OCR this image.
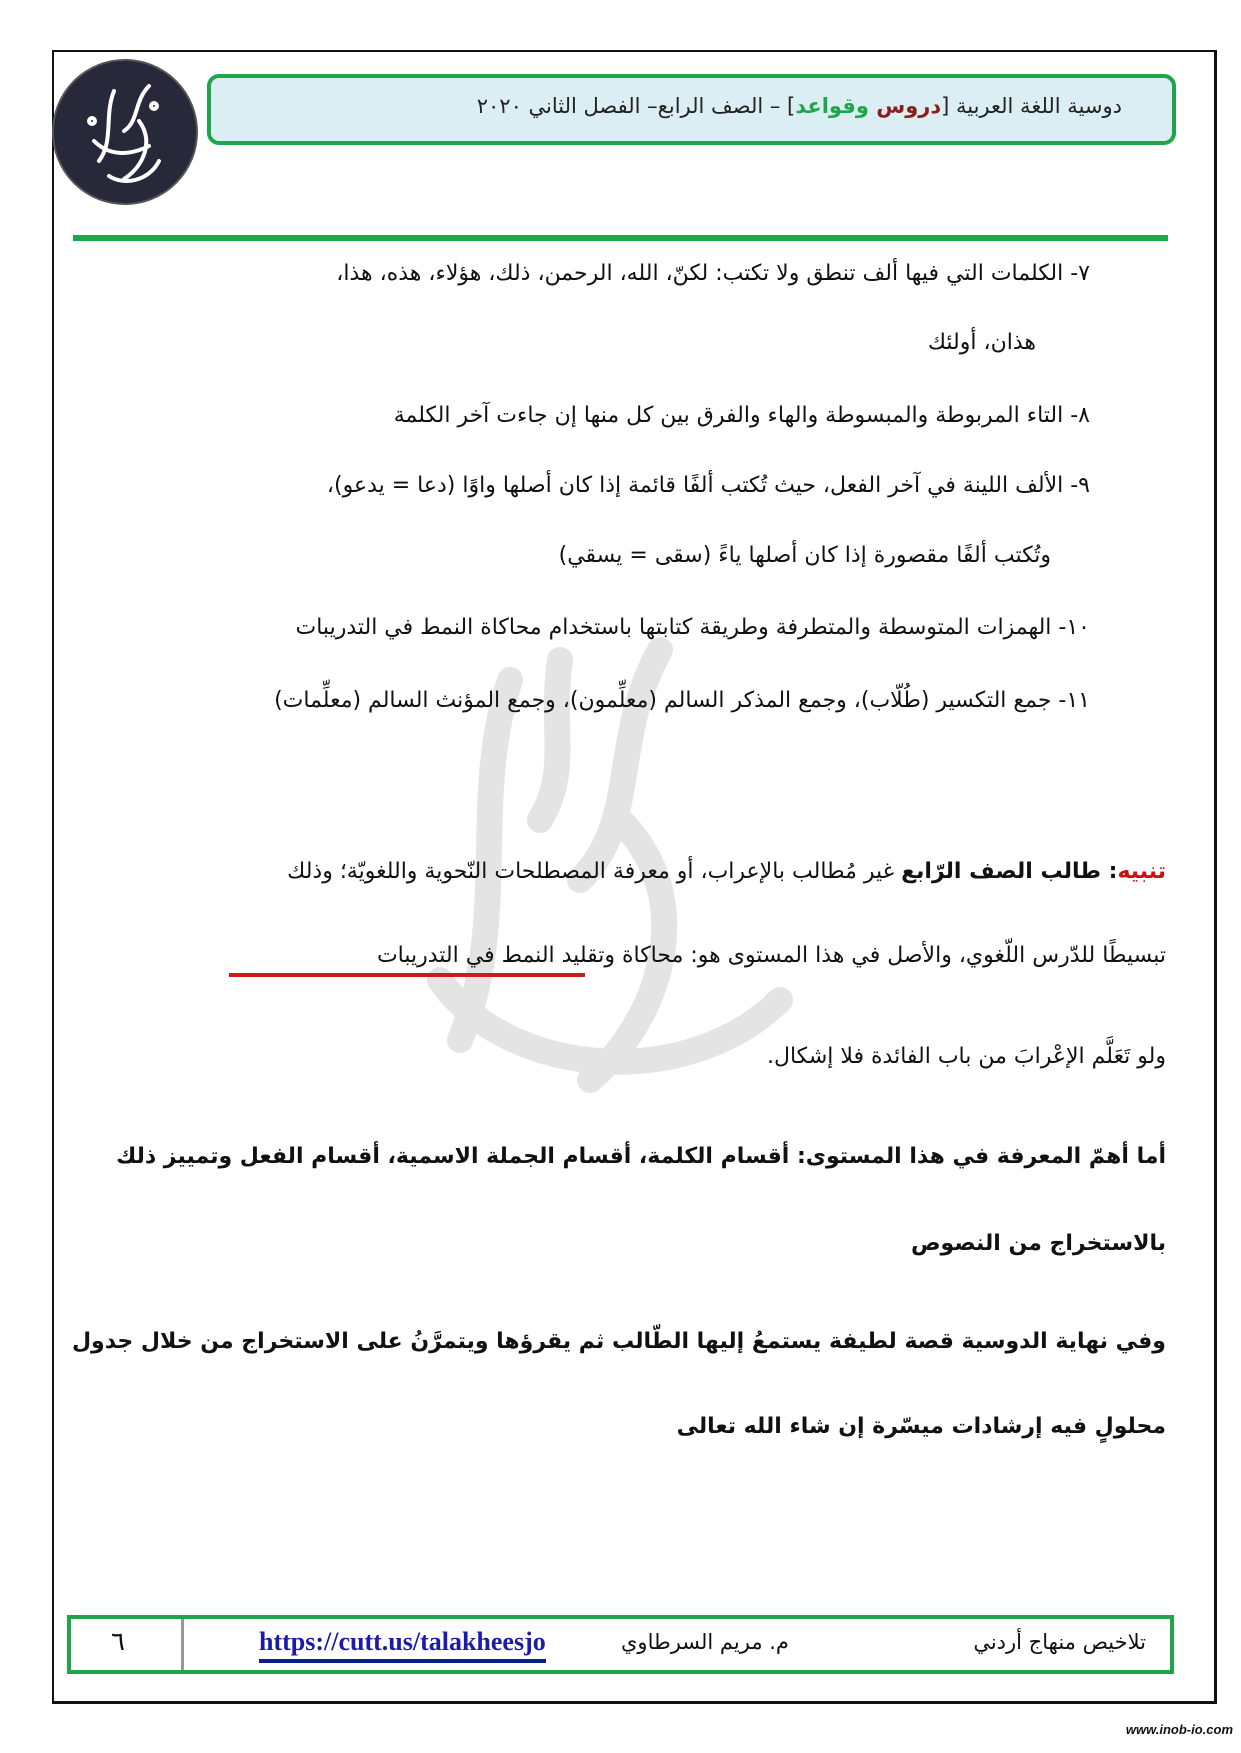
دوسية اللغة العربية [دروس وقواعد] – الصف الرابع– الفصل الثاني ٢٠٢٠
٧- الكلمات التي فيها ألف تنطق ولا تكتب: لكنّ، الله، الرحمن، ذلك، هؤلاء، هذه، هذا،
هذان، أولئك
٨- التاء المربوطة والمبسوطة والهاء والفرق بين كل منها إن جاءت آخر الكلمة
٩- الألف اللينة في آخر الفعل، حيث تُكتب ألفًا قائمة إذا كان أصلها واوًا (دعا = يدعو)،
وتُكتب ألفًا مقصورة إذا كان أصلها ياءً (سقى = يسقي)
١٠- الهمزات المتوسطة والمتطرفة وطريقة كتابتها باستخدام محاكاة النمط في التدريبات
١١- جمع التكسير (طُلّاب)، وجمع المذكر السالم (معلِّمون)، وجمع المؤنث السالم (معلِّمات)
تنبيه: طالب الصف الرّابع غير مُطالب بالإعراب، أو معرفة المصطلحات النّحوية واللغويّة؛ وذلك
تبسيطًا للدّرس اللّغوي، والأصل في هذا المستوى هو: محاكاة وتقليد النمط في التدريبات
ولو تَعَلَّم الإعْرابَ من باب الفائدة فلا إشكال.
أما أهمّ المعرفة في هذا المستوى: أقسام الكلمة، أقسام الجملة الاسمية، أقسام الفعل وتمييز ذلك
بالاستخراج من النصوص
وفي نهاية الدوسية قصة لطيفة يستمعُ إليها الطّالب ثم يقرؤها ويتمرَّنُ على الاستخراج من خلال جدول
محلولٍ فيه إرشادات ميسّرة إن شاء الله تعالى
٦	https://cutt.us/talakheesjo	م. مريم السرطاوي	تلاخيص منهاج أردني
www.inob-io.com
